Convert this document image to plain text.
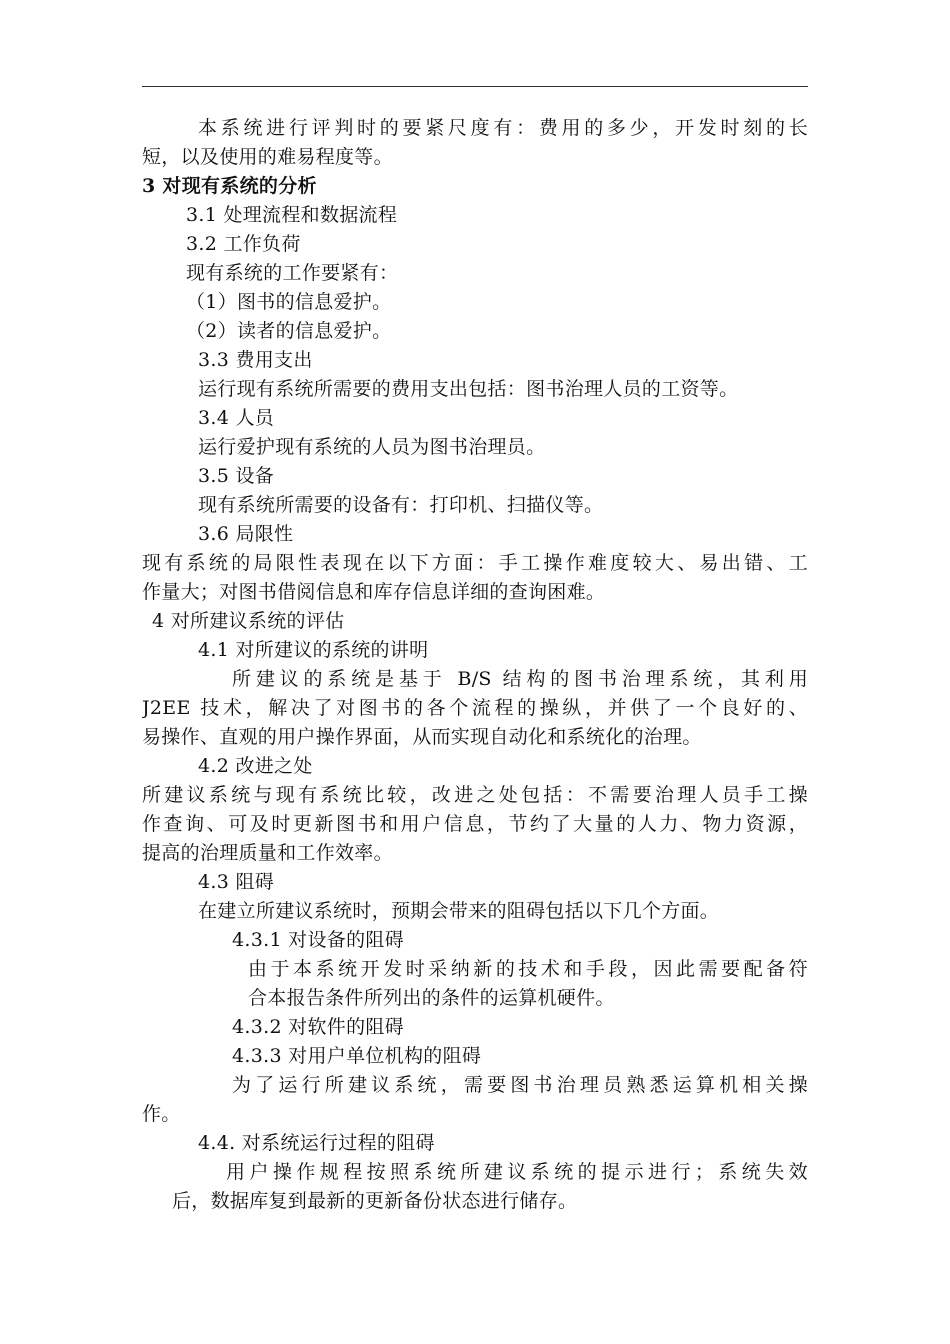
本系统进行评判时的要紧尺度有：费用的多少，开发时刻的长
短，以及使用的难易程度等。
3 对现有系统的分析
3.1 处理流程和数据流程
3.2 工作负荷
现有系统的工作要紧有：
（1）图书的信息爱护。
（2）读者的信息爱护。
3.3 费用支出
运行现有系统所需要的费用支出包括：图书治理人员的工资等。
3.4 人员
运行爱护现有系统的人员为图书治理员。
3.5 设备
现有系统所需要的设备有：打印机、扫描仪等。
3.6 局限性
现有系统的局限性表现在以下方面：手工操作难度较大、易出错、工
作量大；对图书借阅信息和库存信息详细的查询困难。
4 对所建议系统的评估
4.1 对所建议的系统的讲明
所建议的系统是基于 B/S 结构的图书治理系统，其利用
J2EE 技术，解决了对图书的各个流程的操纵，并供了一个良好的、
易操作、直观的用户操作界面，从而实现自动化和系统化的治理。
4.2 改进之处
所建议系统与现有系统比较，改进之处包括：不需要治理人员手工操
作查询、可及时更新图书和用户信息，节约了大量的人力、物力资源，
提高的治理质量和工作效率。
4.3 阻碍
在建立所建议系统时，预期会带来的阻碍包括以下几个方面。
4.3.1 对设备的阻碍
由于本系统开发时采纳新的技术和手段，因此需要配备符
合本报告条件所列出的条件的运算机硬件。
4.3.2 对软件的阻碍
4.3.3 对用户单位机构的阻碍
为了运行所建议系统，需要图书治理员熟悉运算机相关操
作。
4.4. 对系统运行过程的阻碍
用户操作规程按照系统所建议系统的提示进行；系统失效
后，数据库复到最新的更新备份状态进行储存。
